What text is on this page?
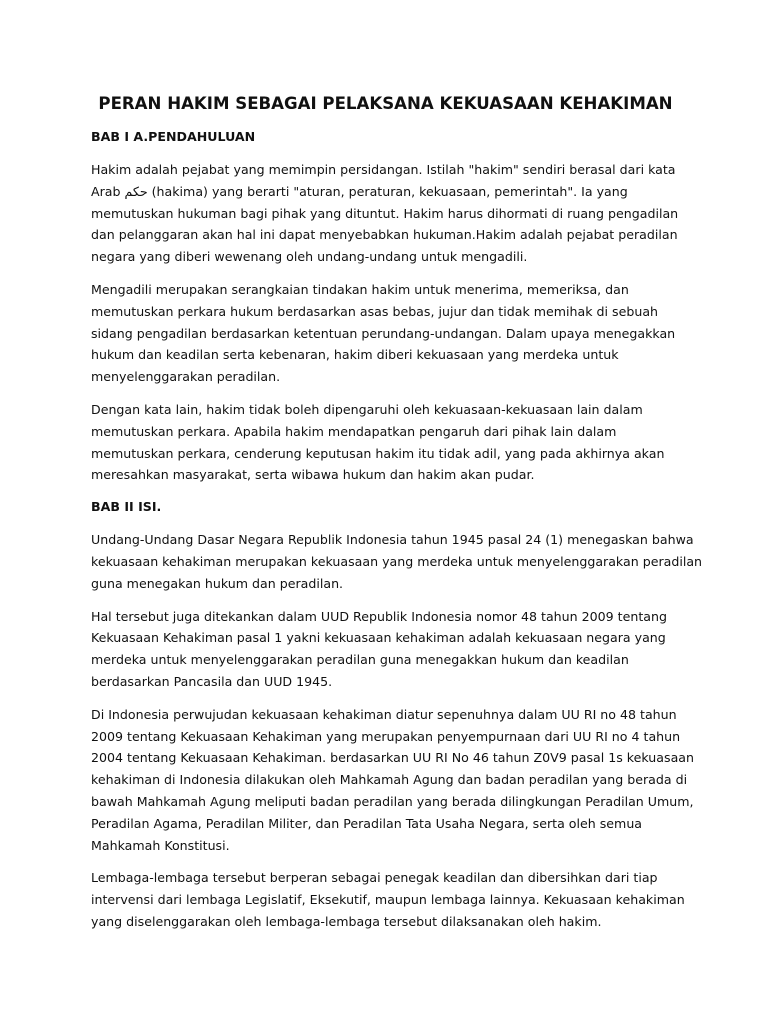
PERAN HAKIM SEBAGAI PELAKSANA KEKUASAAN KEHAKIMAN
BAB I A.PENDAHULUAN

Hakim adalah pejabat yang memimpin persidangan. Istilah "hakim" sendiri berasal dari kata
Arab حكم (hakima) yang berarti "aturan, peraturan, kekuasaan, pemerintah". Ia yang
memutuskan hukuman bagi pihak yang dituntut. Hakim harus dihormati di ruang pengadilan
dan pelanggaran akan hal ini dapat menyebabkan hukuman.Hakim adalah pejabat peradilan
negara yang diberi wewenang oleh undang-undang untuk mengadili.

Mengadili merupakan serangkaian tindakan hakim untuk menerima, memeriksa, dan
memutuskan perkara hukum berdasarkan asas bebas, jujur dan tidak memihak di sebuah
sidang pengadilan berdasarkan ketentuan perundang-undangan. Dalam upaya menegakkan
hukum dan keadilan serta kebenaran, hakim diberi kekuasaan yang merdeka untuk
menyelenggarakan peradilan.

Dengan kata lain, hakim tidak boleh dipengaruhi oleh kekuasaan-kekuasaan lain dalam
memutuskan perkara. Apabila hakim mendapatkan pengaruh dari pihak lain dalam
memutuskan perkara, cenderung keputusan hakim itu tidak adil, yang pada akhirnya akan
meresahkan masyarakat, serta wibawa hukum dan hakim akan pudar.

BAB II ISI.

Undang-Undang Dasar Negara Republik Indonesia tahun 1945 pasal 24 (1) menegaskan bahwa
kekuasaan kehakiman merupakan kekuasaan yang merdeka untuk menyelenggarakan peradilan
guna menegakan hukum dan peradilan.

Hal tersebut juga ditekankan dalam UUD Republik Indonesia nomor 48 tahun 2009 tentang
Kekuasaan Kehakiman pasal 1 yakni kekuasaan kehakiman adalah kekuasaan negara yang
merdeka untuk menyelenggarakan peradilan guna menegakkan hukum dan keadilan
berdasarkan Pancasila dan UUD 1945.

Di Indonesia perwujudan kekuasaan kehakiman diatur sepenuhnya dalam UU RI no 48 tahun
2009 tentang Kekuasaan Kehakiman yang merupakan penyempurnaan dari UU RI no 4 tahun
2004 tentang Kekuasaan Kehakiman. berdasarkan UU RI No 46 tahun Z0V9 pasal 1s kekuasaan
kehakiman di Indonesia dilakukan oleh Mahkamah Agung dan badan peradilan yang berada di
bawah Mahkamah Agung meliputi badan peradilan yang berada dilingkungan Peradilan Umum,
Peradilan Agama, Peradilan Militer, dan Peradilan Tata Usaha Negara, serta oleh semua
Mahkamah Konstitusi.

Lembaga-lembaga tersebut berperan sebagai penegak keadilan dan dibersihkan dari tiap
intervensi dari lembaga Legislatif, Eksekutif, maupun lembaga lainnya. Kekuasaan kehakiman
yang diselenggarakan oleh lembaga-lembaga tersebut dilaksanakan oleh hakim.
